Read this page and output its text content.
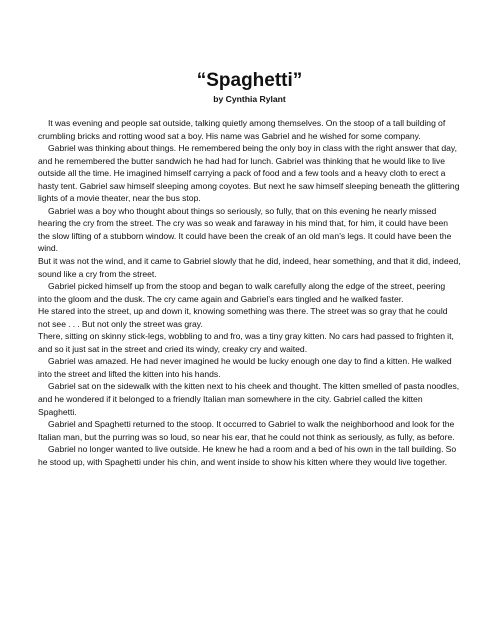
“Spaghetti”
by Cynthia Rylant

It was evening and people sat outside, talking quietly among themselves. On the stoop of a tall building of crumbling bricks and rotting wood sat a boy. His name was Gabriel and he wished for some company.

Gabriel was thinking about things. He remembered being the only boy in class with the right answer that day, and he remembered the butter sandwich he had had for lunch. Gabriel was thinking that he would like to live outside all the time. He imagined himself carrying a pack of food and a few tools and a heavy cloth to erect a hasty tent. Gabriel saw himself sleeping among coyotes. But next he saw himself sleeping beneath the glittering lights of a movie theater, near the bus stop.

Gabriel was a boy who thought about things so seriously, so fully, that on this evening he nearly missed hearing the cry from the street. The cry was so weak and faraway in his mind that, for him, it could have been the slow lifting of a stubborn window. It could have been the creak of an old man’s legs. It could have been the wind.

But it was not the wind, and it came to Gabriel slowly that he did, indeed, hear something, and that it did, indeed, sound like a cry from the street.

Gabriel picked himself up from the stoop and began to walk carefully along the edge of the street, peering into the gloom and the dusk. The cry came again and Gabriel’s ears tingled and he walked faster.

He stared into the street, up and down it, knowing something was there. The street was so gray that he could not see . . . But not only the street was gray.

There, sitting on skinny stick-legs, wobbling to and fro, was a tiny gray kitten. No cars had passed to frighten it, and so it just sat in the street and cried its windy, creaky cry and waited.

Gabriel was amazed. He had never imagined he would be lucky enough one day to find a kitten. He walked into the street and lifted the kitten into his hands.

Gabriel sat on the sidewalk with the kitten next to his cheek and thought. The kitten smelled of pasta noodles, and he wondered if it belonged to a friendly Italian man somewhere in the city. Gabriel called the kitten Spaghetti.

Gabriel and Spaghetti returned to the stoop. It occurred to Gabriel to walk the neighborhood and look for the Italian man, but the purring was so loud, so near his ear, that he could not think as seriously, as fully, as before.

Gabriel no longer wanted to live outside. He knew he had a room and a bed of his own in the tall building. So he stood up, with Spaghetti under his chin, and went inside to show his kitten where they would live together.
